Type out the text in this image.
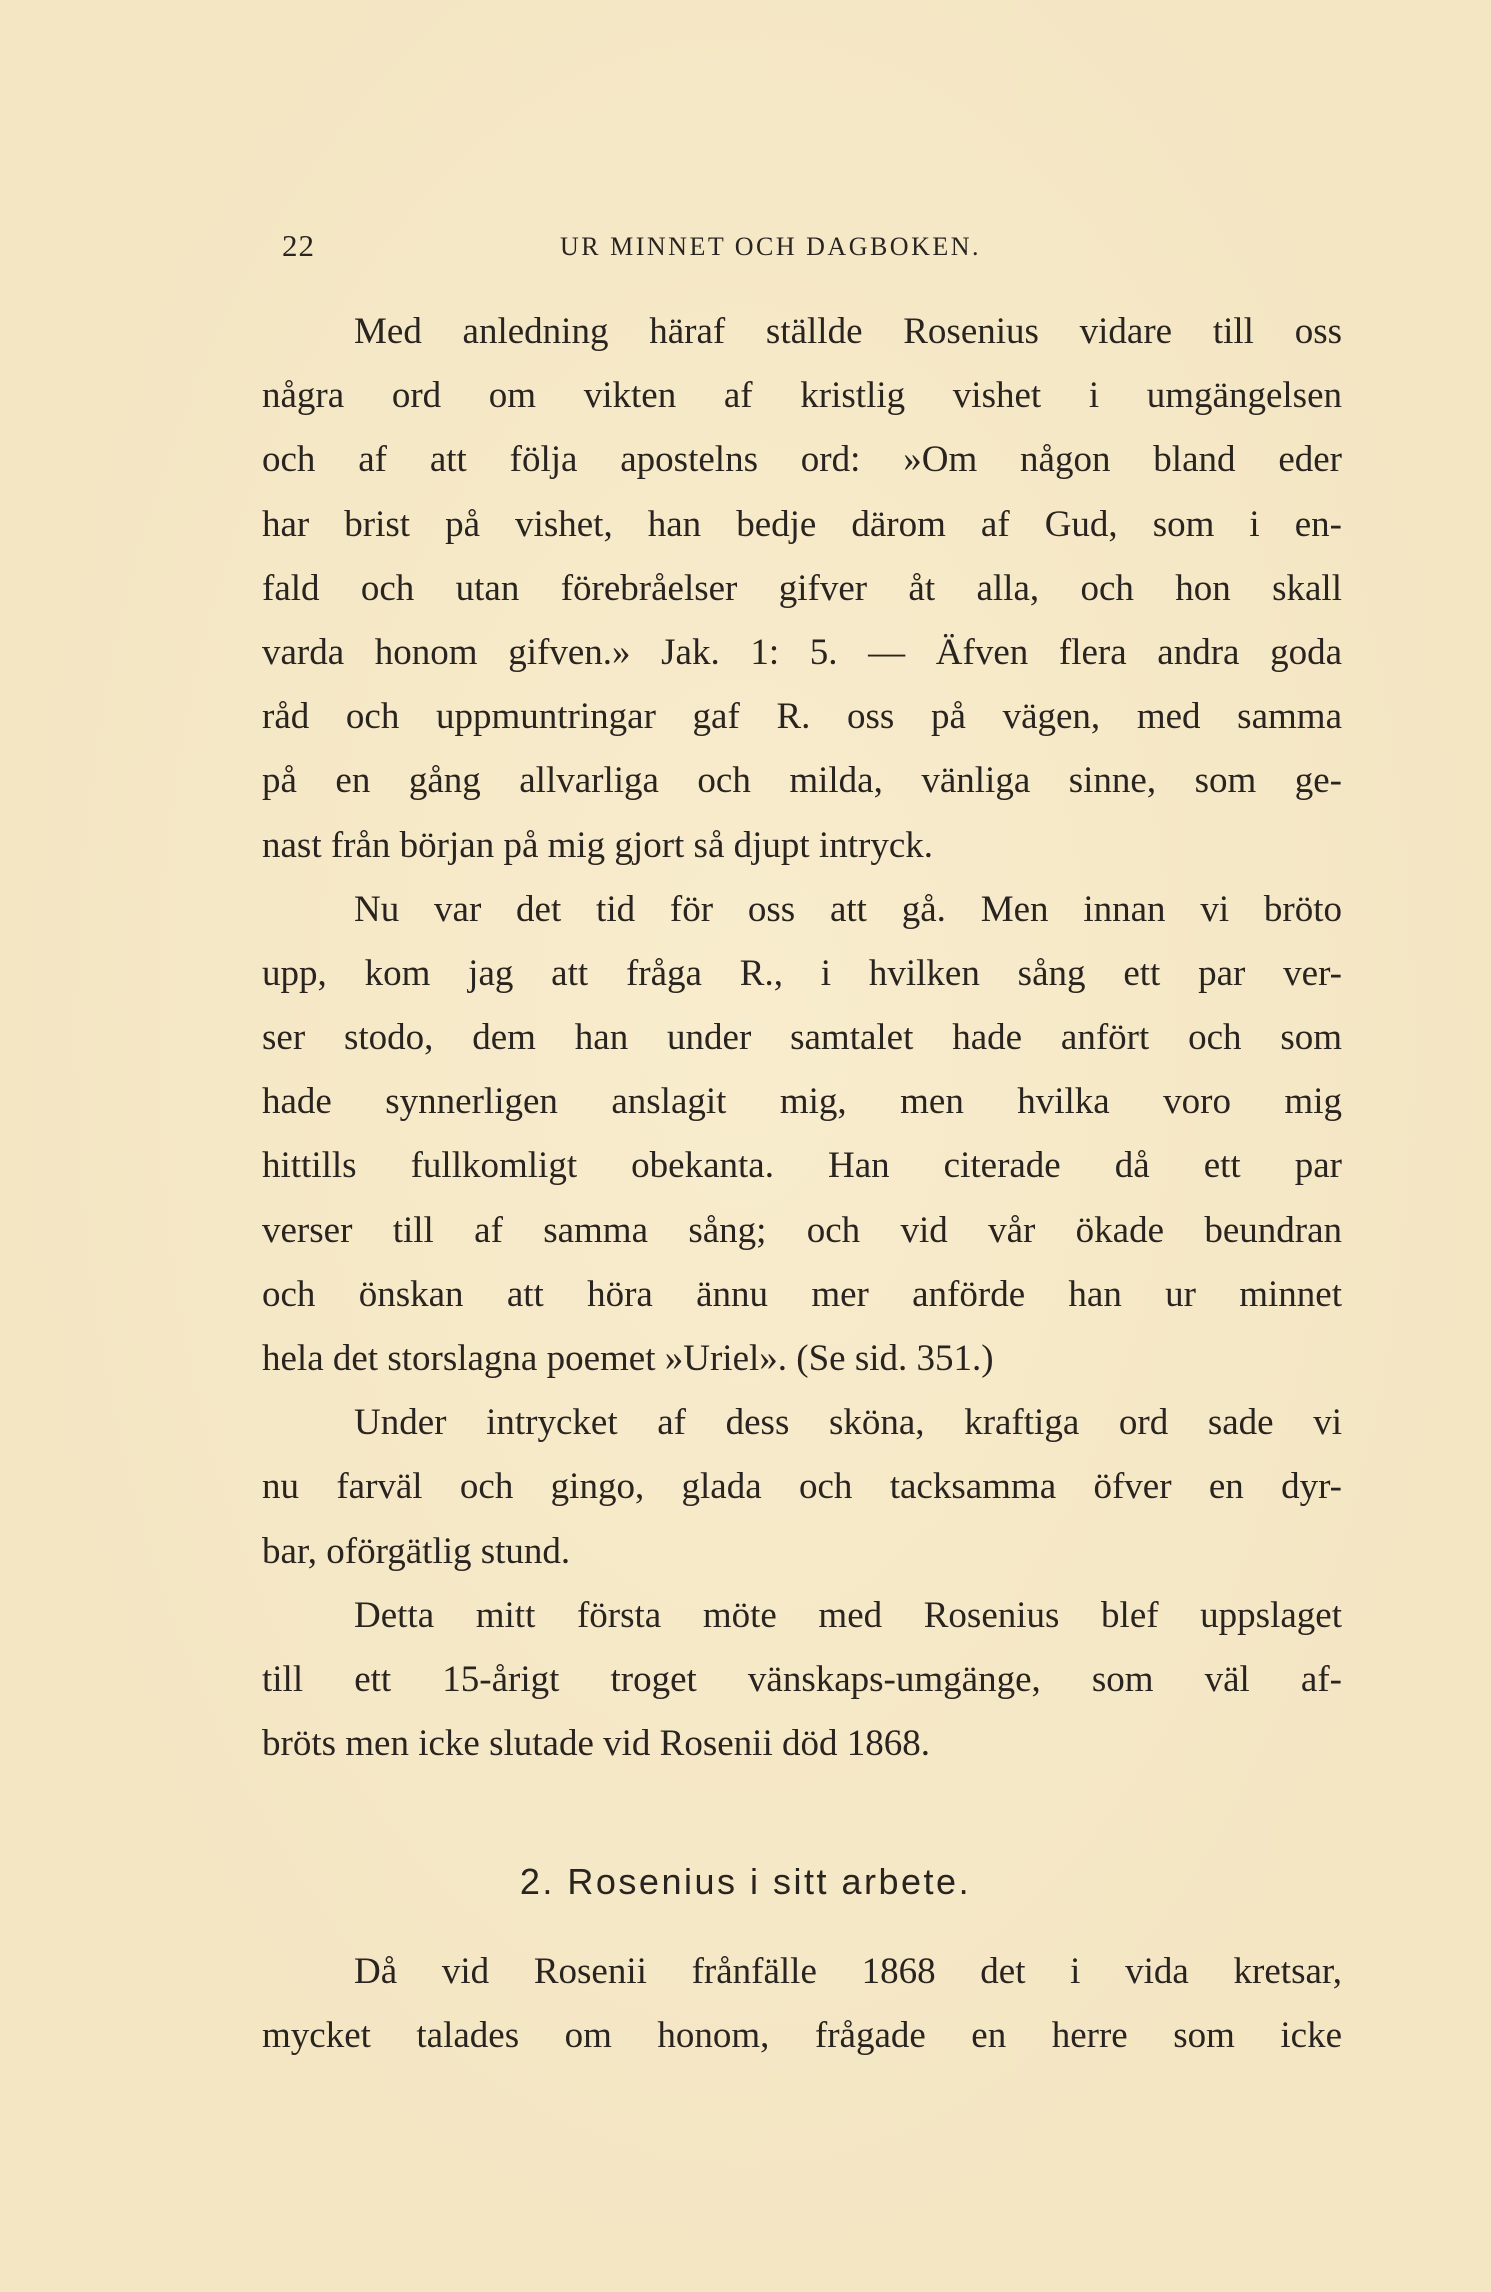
22	UR MINNET OCH DAGBOKEN.
Med anledning häraf ställde Rosenius vidare till oss
några ord om vikten af kristlig vishet i umgängelsen
och af att följa apostelns ord: »Om någon bland eder
har brist på vishet, han bedje därom af Gud, som i en-
fald och utan förebråelser gifver åt alla, och hon skall
varda honom gifven.» Jak. 1: 5. — Äfven flera andra goda
råd och uppmuntringar gaf R. oss på vägen, med samma
på en gång allvarliga och milda, vänliga sinne, som ge-
nast från början på mig gjort så djupt intryck.
Nu var det tid för oss att gå. Men innan vi bröto
upp, kom jag att fråga R., i hvilken sång ett par ver-
ser stodo, dem han under samtalet hade anfört och som
hade synnerligen anslagit mig, men hvilka voro mig
hittills fullkomligt obekanta. Han citerade då ett par
verser till af samma sång; och vid vår ökade beundran
och önskan att höra ännu mer anförde han ur minnet
hela det storslagna poemet »Uriel». (Se sid. 351.)
Under intrycket af dess sköna, kraftiga ord sade vi
nu farväl och gingo, glada och tacksamma öfver en dyr-
bar, oförgätlig stund.
Detta mitt första möte med Rosenius blef uppslaget
till ett 15-årigt troget vänskaps-umgänge, som väl af-
bröts men icke slutade vid Rosenii död 1868.
2. Rosenius i sitt arbete.
Då vid Rosenii frånfälle 1868 det i vida kretsar,
mycket talades om honom, frågade en herre som icke
